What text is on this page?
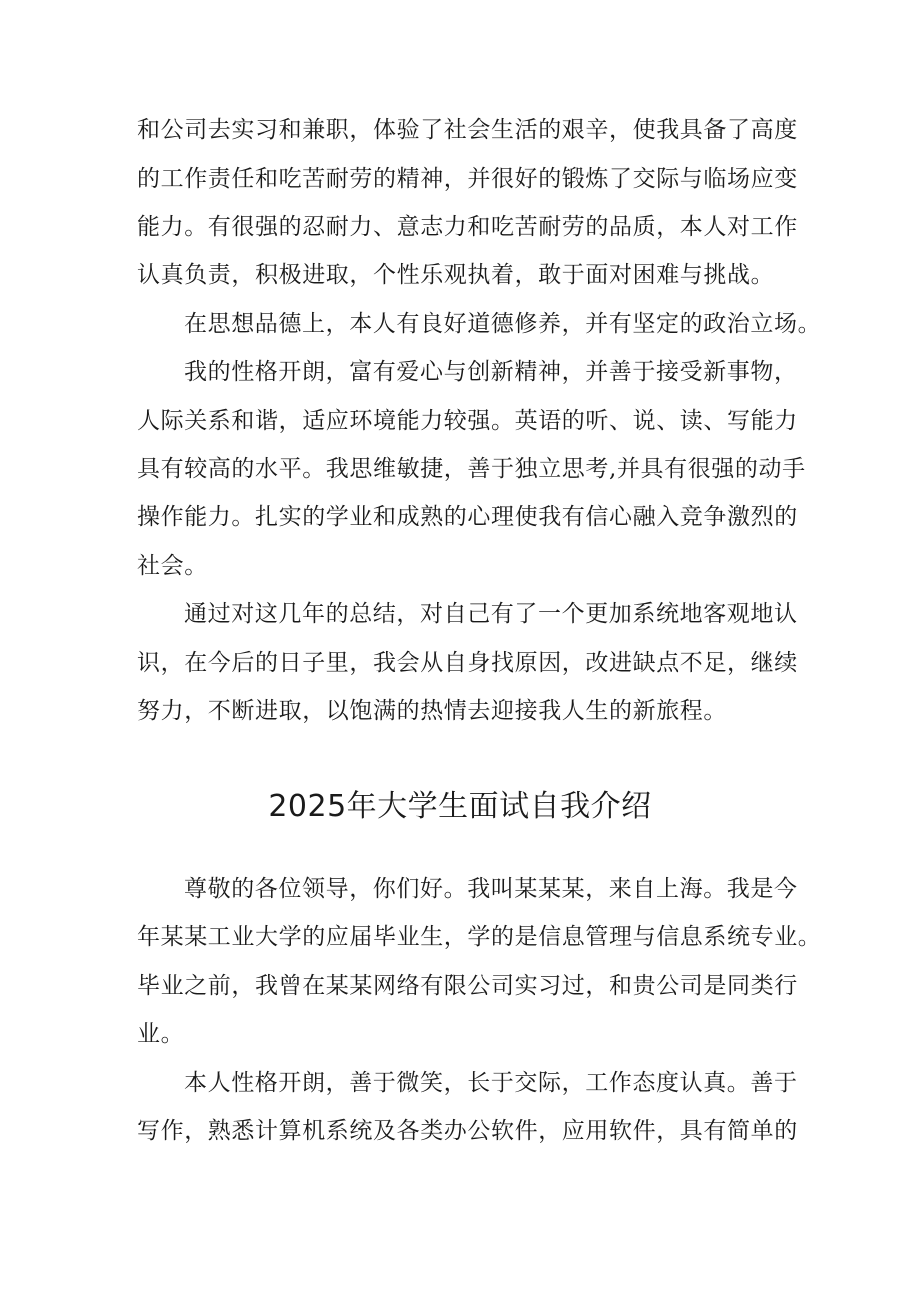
和公司去实习和兼职，体验了社会生活的艰辛，使我具备了高度

的工作责任和吃苦耐劳的精神，并很好的锻炼了交际与临场应变

能力。有很强的忍耐力、意志力和吃苦耐劳的品质，本人对工作

认真负责，积极进取，个性乐观执着，敢于面对困难与挑战。

在思想品德上，本人有良好道德修养，并有坚定的政治立场。

我的性格开朗，富有爱心与创新精神，并善于接受新事物，

人际关系和谐，适应环境能力较强。英语的听、说、读、写能力

具有较高的水平。我思维敏捷，善于独立思考,并具有很强的动手

操作能力。扎实的学业和成熟的心理使我有信心融入竞争激烈的

社会。

通过对这几年的总结，对自己有了一个更加系统地客观地认

识，在今后的日子里，我会从自身找原因，改进缺点不足，继续

努力，不断进取，以饱满的热情去迎接我人生的新旅程。

2025年大学生面试自我介绍

尊敬的各位领导，你们好。我叫某某某，来自上海。我是今

年某某工业大学的应届毕业生，学的是信息管理与信息系统专业。

毕业之前，我曾在某某网络有限公司实习过，和贵公司是同类行

业。

本人性格开朗，善于微笑，长于交际，工作态度认真。善于

写作，熟悉计算机系统及各类办公软件，应用软件，具有简单的
